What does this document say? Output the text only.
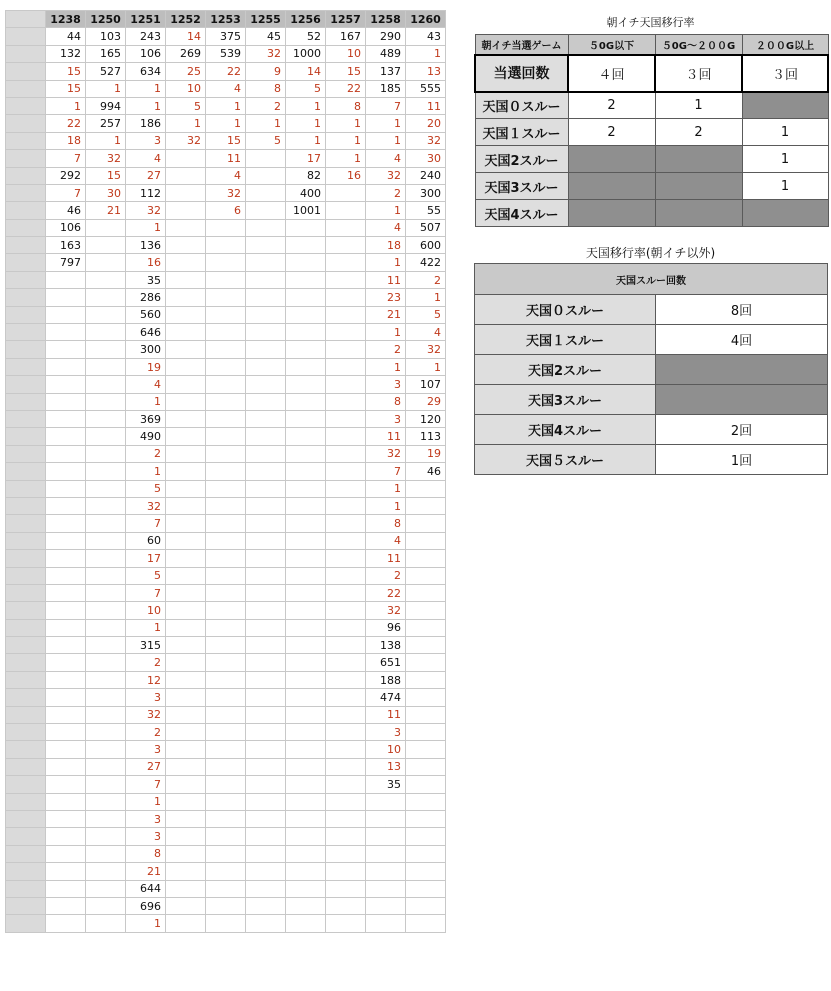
	1238	1250	1251	1252	1253	1255	1256	1257	1258	1260
	44	103	243	14	375	45	52	167	290	43
	132	165	106	269	539	32	1000	10	489	1
	15	527	634	25	22	9	14	15	137	13
	15	1	1	10	4	8	5	22	185	555
	1	994	1	5	1	2	1	8	7	11
	22	257	186	1	1	1	1	1	1	20
	18	1	3	32	15	5	1	1	1	32
	7	32	4		11		17	1	4	30
	292	15	27		4		82	16	32	240
	7	30	112		32		400		2	300
	46	21	32		6		1001		1	55
	106		1						4	507
	163		136						18	600
	797		16						1	422
			35						11	2
			286						23	1
			560						21	5
			646						1	4
			300						2	32
			19						1	1
			4						3	107
			1						8	29
			369						3	120
			490						11	113
			2						32	19
			1						7	46
			5						1	
			32						1	
			7						8	
			60						4	
			17						11	
			5						2	
			7						22	
			10						32	
			1						96	
			315						138	
			2						651	
			12						188	
			3						474	
			32						11	
			2						3	
			3						10	
			27						13	
			7						35	
			1							
			3							
			3							
			8							
			21							
			644							
			696							
			1							
朝イチ天国移行率
朝イチ当選ゲーム	５0G以下	５0G〜２００G	２００G以上
当選回数	４回	３回	３回
天国０スルー	2	1	
天国１スルー	2	2	1
天国2スルー			1
天国3スルー			1
天国4スルー			
天国移行率(朝イチ以外)
天国スルー回数	
天国０スルー	8回
天国１スルー	4回
天国2スルー	
天国3スルー	
天国4スルー	2回
天国５スルー	1回
